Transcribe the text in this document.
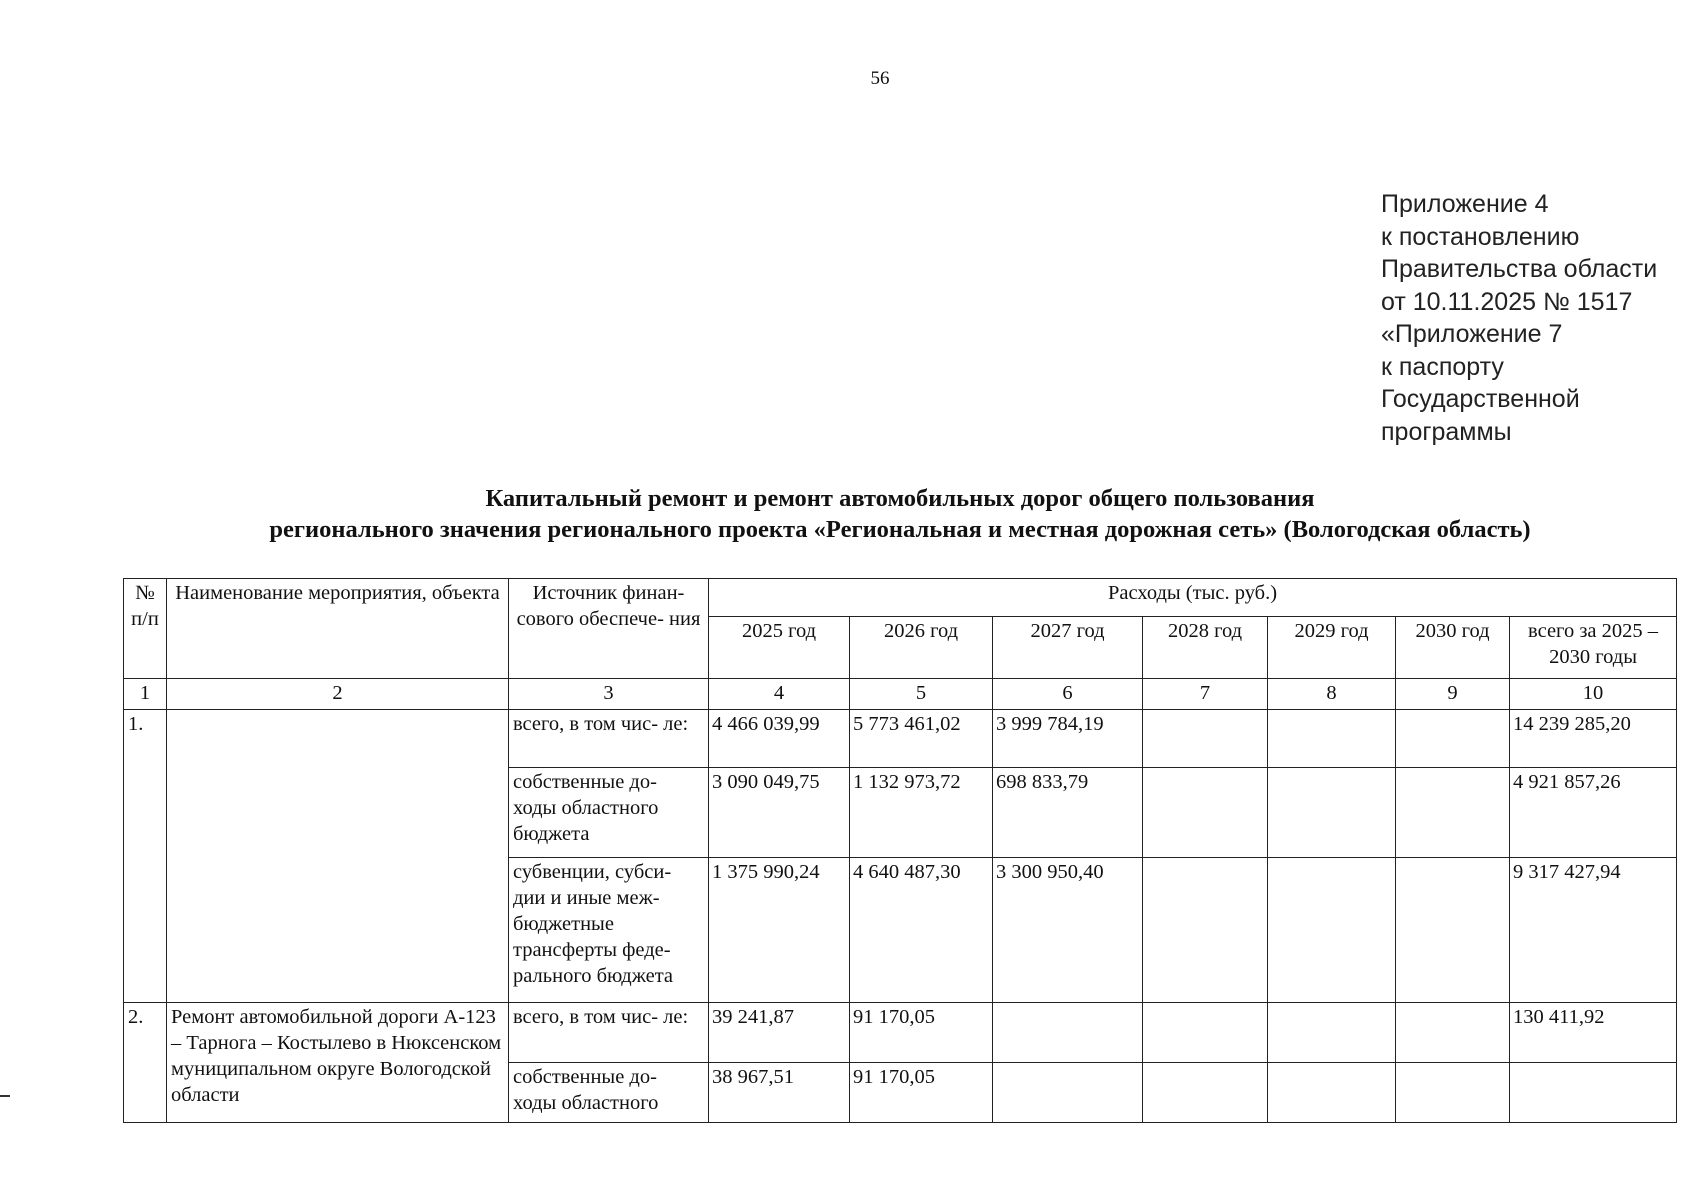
56
Приложение 4
к постановлению
Правительства области
от 10.11.2025 № 1517
«Приложение 7
к паспорту
Государственной
программы
Капитальный ремонт и ремонт автомобильных дорог общего пользования
регионального значения регионального проекта «Региональная и местная дорожная сеть» (Вологодская область)
№ п/п	Наименование мероприятия, объекта	Источник финан- сового обеспече- ния	Расходы (тыс. руб.)						
			2025 год	2026 год	2027 год	2028 год	2029 год	2030 год	всего за 2025 – 2030 годы
1	2	3	4	5	6	7	8	9	10
1.		всего, в том чис- ле:	4 466 039,99	5 773 461,02	3 999 784,19				14 239 285,20
		собственные до- ходы областного бюджета	3 090 049,75	1 132 973,72	698 833,79				4 921 857,26
		субвенции, субси- дии и иные меж- бюджетные трансферты феде- рального бюджета	1 375 990,24	4 640 487,30	3 300 950,40				9 317 427,94
2.	Ремонт автомобильной дороги А-123 – Тарнога – Костылево в Нюксенском муниципальном округе Вологодской области	всего, в том чис- ле:	39 241,87	91 170,05					130 411,92
		собственные до- ходы областного	38 967,51	91 170,05					
